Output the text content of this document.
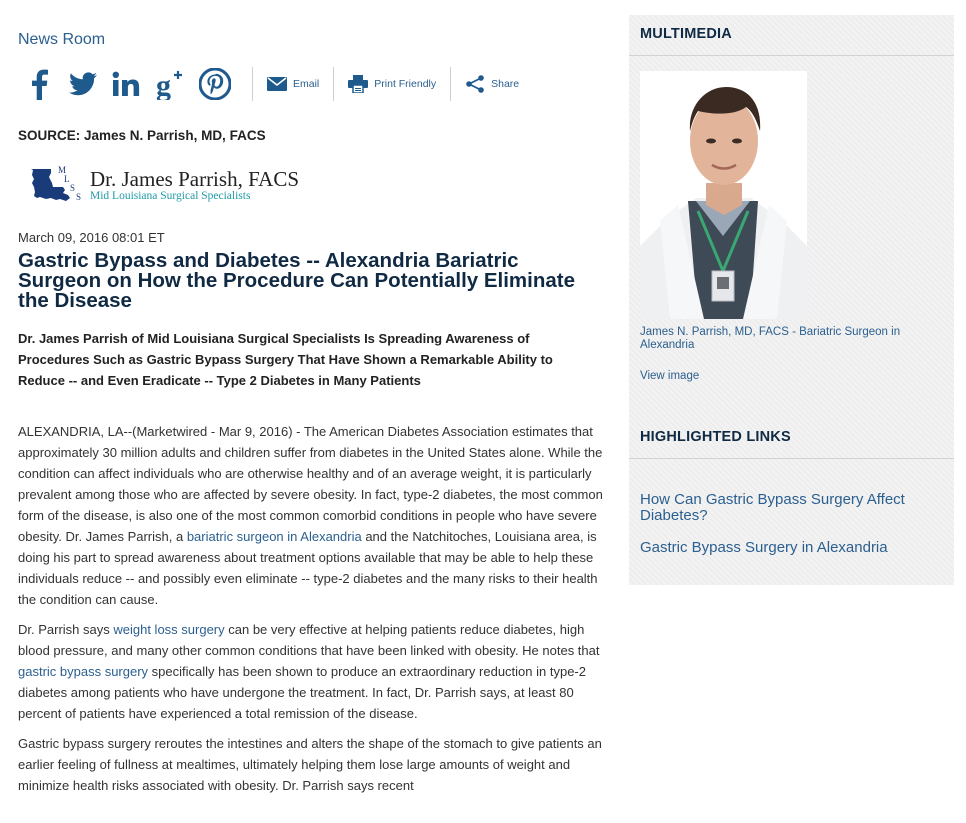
News Room
g	Email	Print Friendly	Share
SOURCE: James N. Parrish, MD, FACS
M
L
S
S
Dr. James Parrish, FACS
Mid Louisiana Surgical Specialists
March 09, 2016 08:01 ET
Gastric Bypass and Diabetes -- Alexandria Bariatric Surgeon on How the Procedure Can Potentially Eliminate the Disease
Dr. James Parrish of Mid Louisiana Surgical Specialists Is Spreading Awareness of Procedures Such as Gastric Bypass Surgery That Have Shown a Remarkable Ability to Reduce -- and Even Eradicate -- Type 2 Diabetes in Many Patients

ALEXANDRIA, LA--(Marketwired - Mar 9, 2016) - The American Diabetes Association estimates that approximately 30 million adults and children suffer from diabetes in the United States alone. While the condition can affect individuals who are otherwise healthy and of an average weight, it is particularly prevalent among those who are affected by severe obesity. In fact, type-2 diabetes, the most common form of the disease, is also one of the most common comorbid conditions in people who have severe obesity. Dr. James Parrish, a bariatric surgeon in Alexandria and the Natchitoches, Louisiana area, is doing his part to spread awareness about treatment options available that may be able to help these individuals reduce -- and possibly even eliminate -- type-2 diabetes and the many risks to their health the condition can cause.

Dr. Parrish says weight loss surgery can be very effective at helping patients reduce diabetes, high blood pressure, and many other common conditions that have been linked with obesity. He notes that gastric bypass surgery specifically has been shown to produce an extraordinary reduction in type-2 diabetes among patients who have undergone the treatment. In fact, Dr. Parrish says, at least 80 percent of patients have experienced a total remission of the disease.

Gastric bypass surgery reroutes the intestines and alters the shape of the stomach to give patients an earlier feeling of fullness at mealtimes, ultimately helping them lose large amounts of weight and minimize health risks associated with obesity. Dr. Parrish says recent

MULTIMEDIA
James N. Parrish, MD, FACS - Bariatric Surgeon in Alexandria
View image
HIGHLIGHTED LINKS
How Can Gastric Bypass Surgery Affect Diabetes?
Gastric Bypass Surgery in Alexandria
